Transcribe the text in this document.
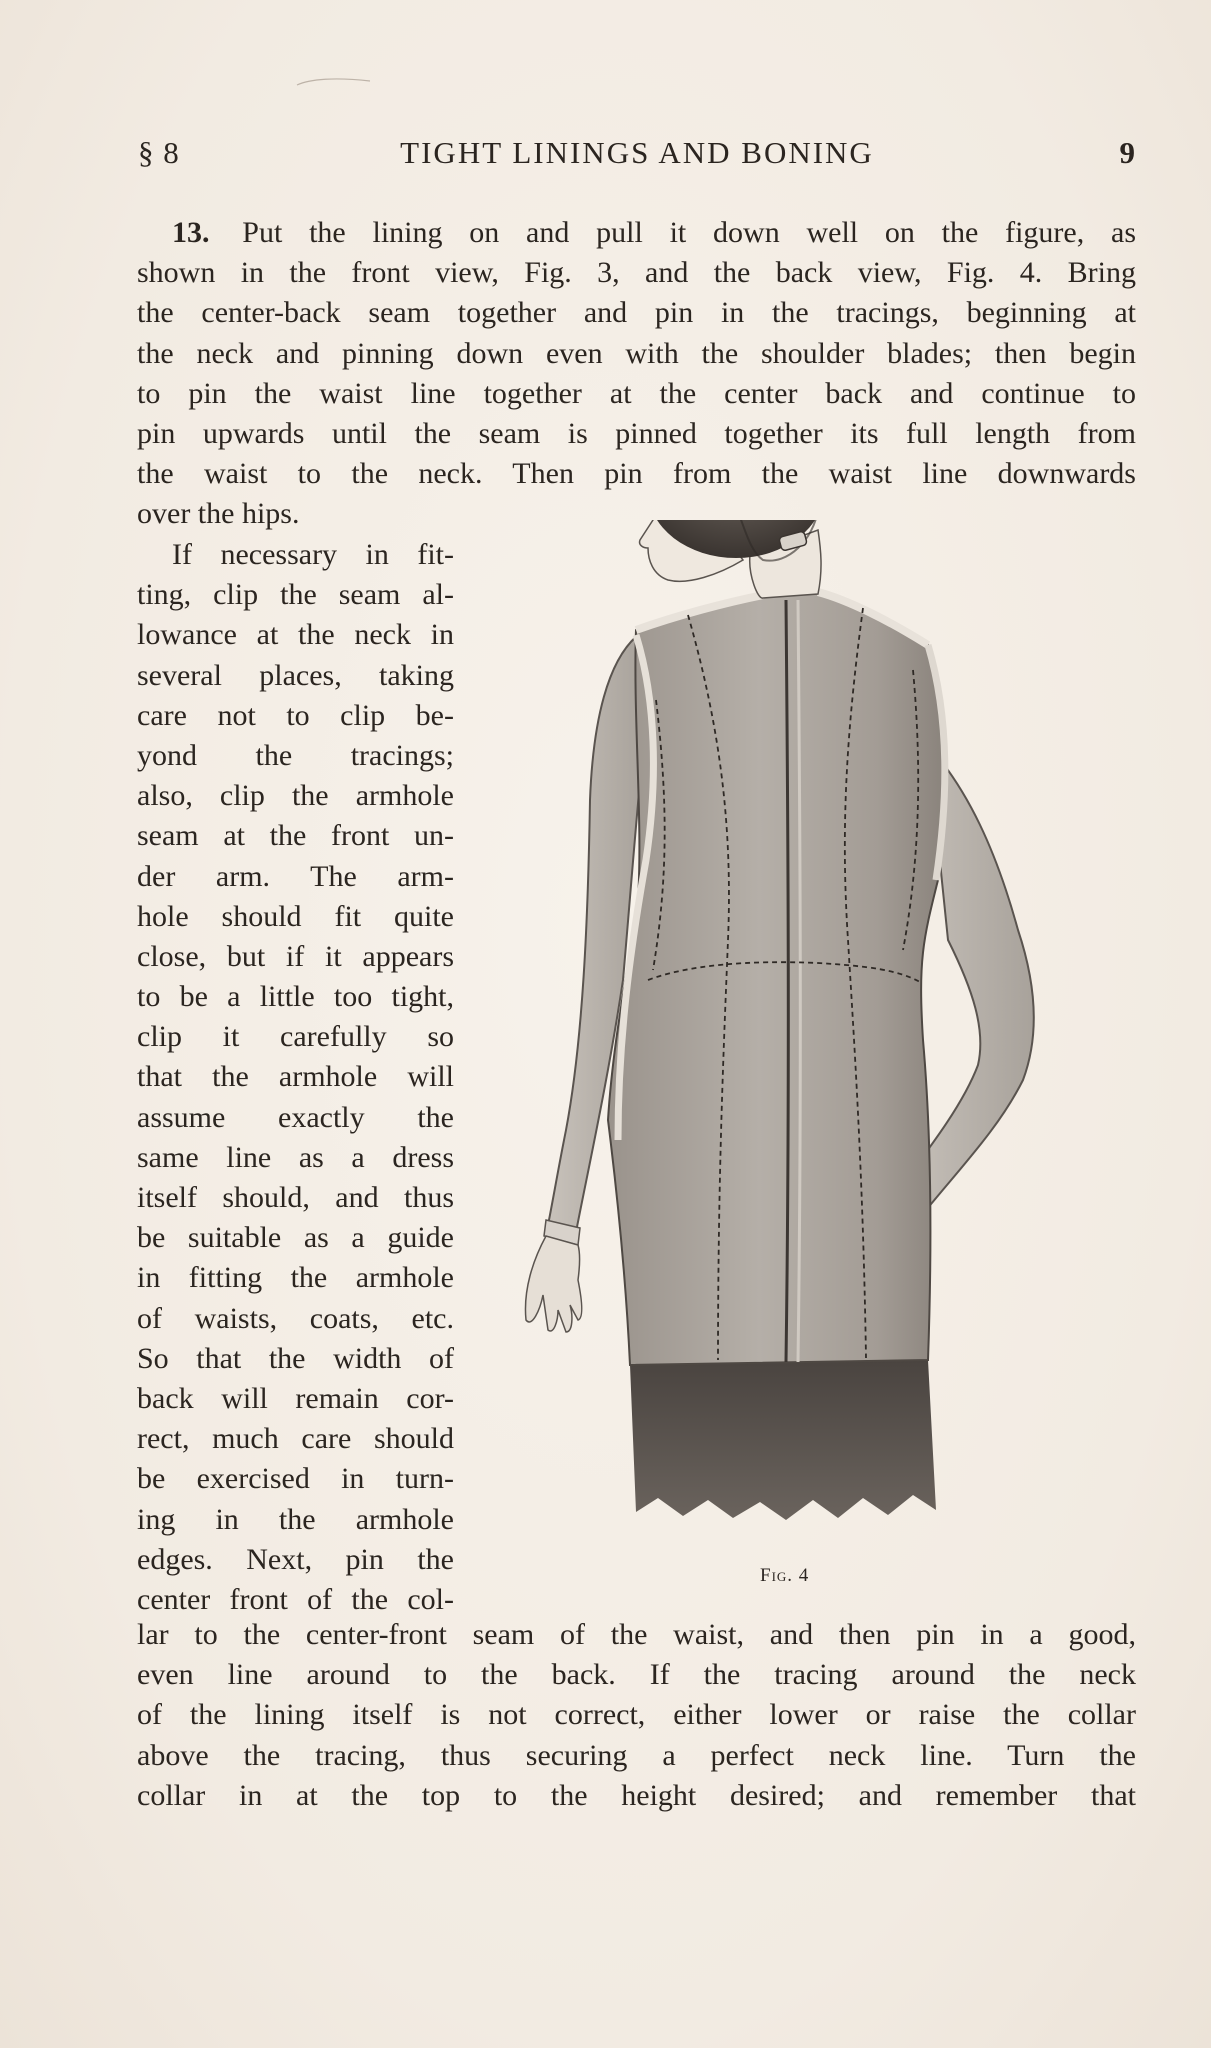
§ 8	TIGHT LININGS AND BONING	9
13. Put the lining on and pull it down well on the figure, as
shown in the front view, Fig. 3, and the back view, Fig. 4. Bring
the center-back seam together and pin in the tracings, beginning at
the neck and pinning down even with the shoulder blades; then begin
to pin the waist line together at the center back and continue to
pin upwards until the seam is pinned together its full length from
the waist to the neck. Then pin from the waist line downwards
over the hips.
If necessary in fit-
ting, clip the seam al-
lowance at the neck in
several places, taking
care not to clip be-
yond the tracings;
also, clip the armhole
seam at the front un-
der arm. The arm-
hole should fit quite
close, but if it appears
to be a little too tight,
clip it carefully so
that the armhole will
assume exactly the
same line as a dress
itself should, and thus
be suitable as a guide
in fitting the armhole
of waists, coats, etc.
So that the width of
back will remain cor-
rect, much care should
be exercised in turn-
ing in the armhole
edges. Next, pin the
center front of the col-
Fig. 4
lar to the center-front seam of the waist, and then pin in a good,
even line around to the back. If the tracing around the neck
of the lining itself is not correct, either lower or raise the collar
above the tracing, thus securing a perfect neck line. Turn the
collar in at the top to the height desired; and remember that
